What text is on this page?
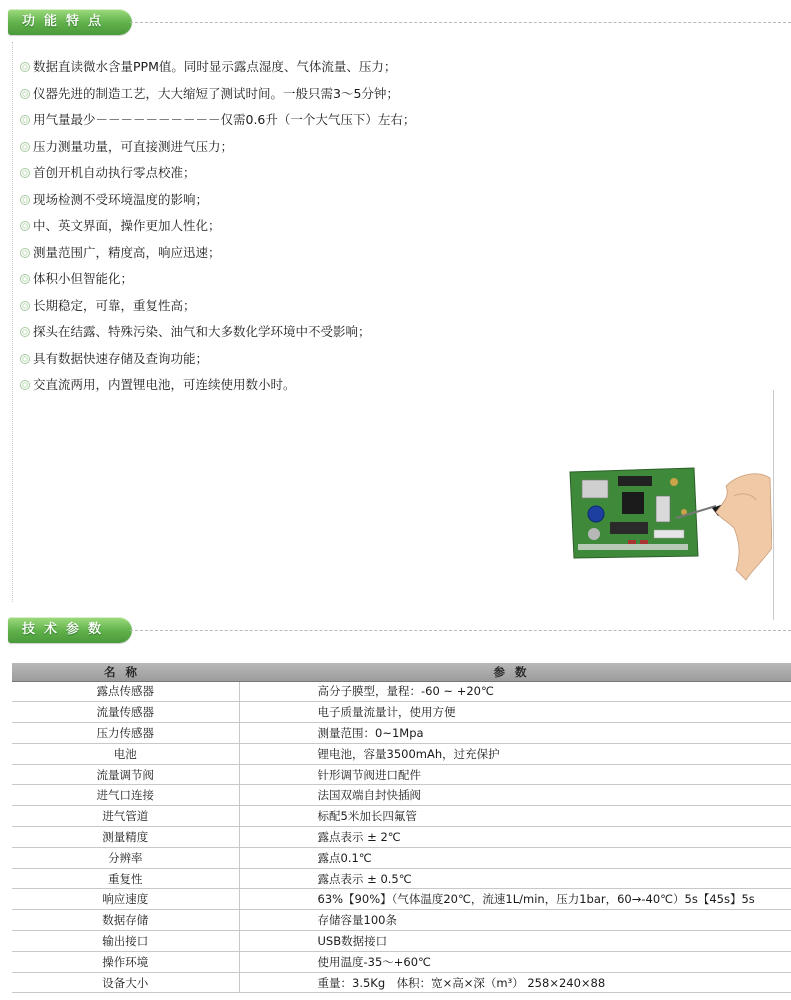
功能特点
数据直读微水含量PPM值。同时显示露点湿度、气体流量、压力；
仪器先进的制造工艺，大大缩短了测试时间。一般只需3～5分钟；
用气量最少－－－－－－－－－－仅需0.6升（一个大气压下）左右；
压力测量功量，可直接测进气压力；
首创开机自动执行零点校准；
现场检测不受环境温度的影响；
中、英文界面，操作更加人性化；
测量范围广，精度高，响应迅速；
体积小但智能化；
长期稳定，可靠，重复性高；
探头在结露、特殊污染、油气和大多数化学环境中不受影响；
具有数据快速存储及查询功能；
交直流两用，内置锂电池，可连续使用数小时。
技术参数
名称	参数
露点传感器	高分子膜型，量程：-60 ~ +20℃
流量传感器	电子质量流量计，使用方便
压力传感器	测量范围：0~1Mpa
电池	锂电池，容量3500mAh，过充保护
流量调节阀	针形调节阀进口配件
进气口连接	法国双端自封快插阀
进气管道	标配5米加长四氟管
测量精度	露点表示 ± 2℃
分辨率	露点0.1℃
重复性	露点表示 ± 0.5℃
响应速度	63%【90%】（气体温度20℃，流速1L/min，压力1bar，60→-40℃）5s【45s】5s
数据存储	存储容量100条
输出接口	USB数据接口
操作环境	使用温度-35～+60℃
设备大小	重量：3.5Kg　体积：宽×高×深（m³） 258×240×88
